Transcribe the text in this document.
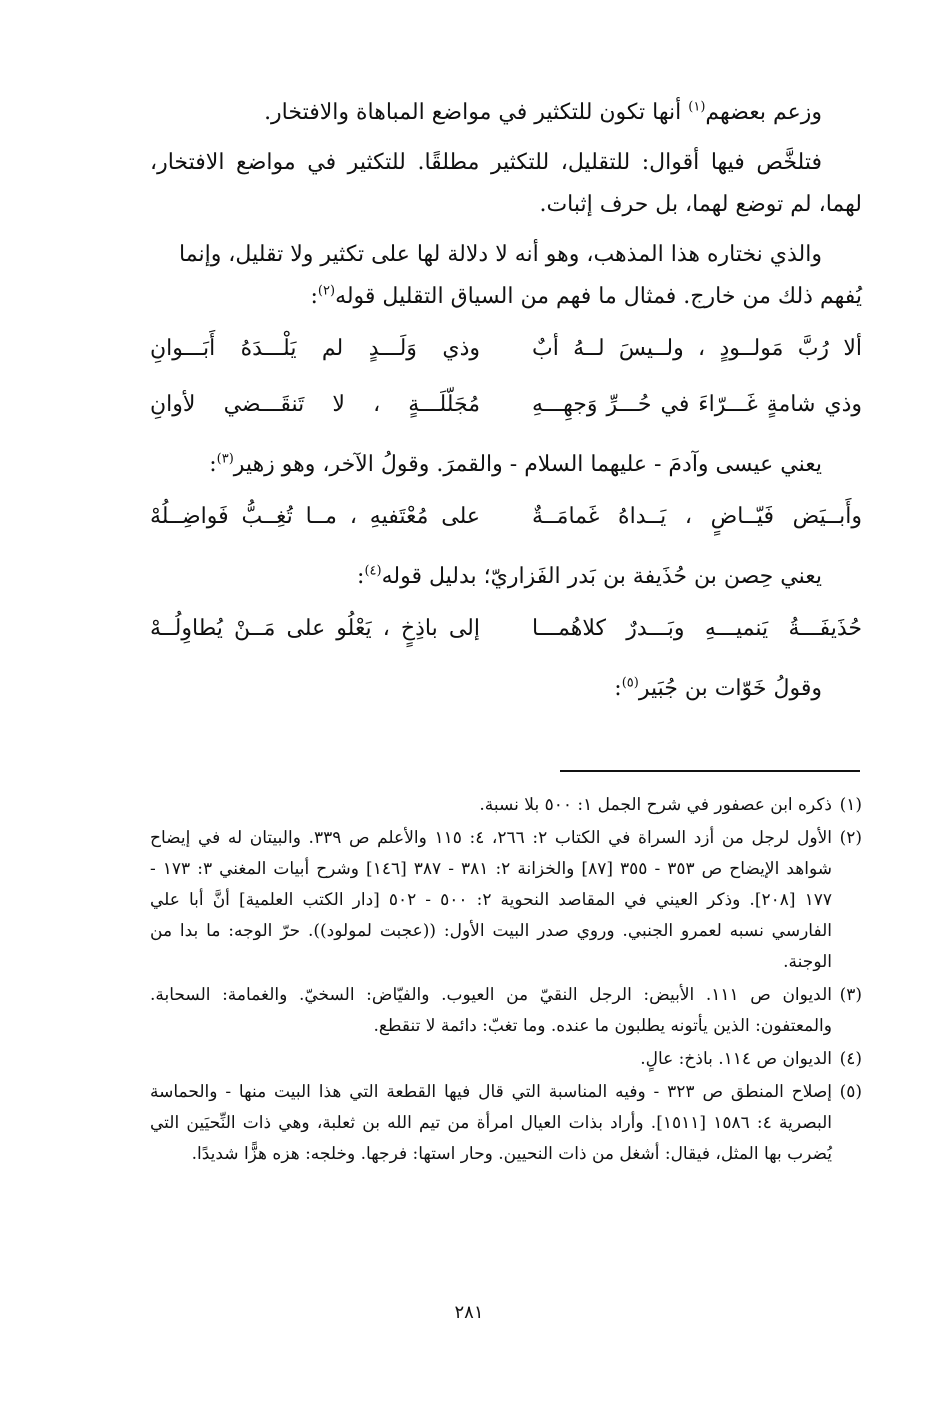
وزعم بعضهم$^{(١)}$ أنها تكون للتكثير في مواضع المباهاة والافتخار.

فتلخَّص فيها أقوال: للتقليل، للتكثير مطلقًا. للتكثير في مواضع الافتخار، لهما، لم توضع لهما، بل حرف إثبات.

والذي نختاره هذا المذهب، وهو أنه لا دلالة لها على تكثير ولا تقليل، وإنما

يُفهم ذلك من خارج. فمثال ما فهم من السياق التقليل قوله$^{(٢)}$:

ألا رُبَّ مَولــودٍ ، ولــيسَ لــهُ أبٌ
وذي وَلَـــدٍ لم يَلْـــدَهُ أَبَـــوانِ
وذي شامةٍ غَـــرّاءَ في حُـــرِّ وَجهِـــهِ
مُجَلّلَـــةٍ ، لا تَنقَـــضي لأوانِ

يعني عيسى وآدمَ - عليهما السلام - والقمرَ. وقولُ الآخر، وهو زهير$^{(٣)}$:

وأَبــيَض فَيّــاضٍ ، يَــداهُ غَمامَــةٌ
على مُعْتَفيهِ ، مــا تُغِــبُّ فَواضِــلُهْ

يعني حِصن بن حُذَيفة بن بَدر الفَزاريّ؛ بدليل قوله$^{(٤)}$:

حُذَيفَـــةُ يَنميـــهِ وبَـــدرٌ كلاهُمـــا
إلى باذِخٍ ، يَعْلُو على مَــنْ يُطاوِلُــهْ

وقولُ خَوّات بن جُبَير$^{(٥)}$:

(١)ذكره ابن عصفور في شرح الجمل ١: ٥٠٠ بلا نسبة.

(٢)الأول لرجل من أزد السراة في الكتاب ٢: ٢٦٦، ٤: ١١٥ والأعلم ص ٣٣٩. والبيتان له في إيضاح شواهد الإيضاح ص ٣٥٣ - ٣٥٥ [٨٧] والخزانة ٢: ٣٨١ - ٣٨٧ [١٤٦] وشرح أبيات المغني ٣: ١٧٣ - ١٧٧ [٢٠٨]. وذكر العيني في المقاصد النحوية ٢: ٥٠٠ - ٥٠٢ [دار الكتب العلمية] أنَّ أبا علي الفارسي نسبه لعمرو الجنبي. وروي صدر البيت الأول: ((عجبت لمولود)). حرّ الوجه: ما بدا من الوجنة.

(٣)الديوان ص ١١١. الأبيض: الرجل النقيّ من العيوب. والفيّاض: السخيّ. والغمامة: السحابة. والمعتفون: الذين يأتونه يطلبون ما عنده. وما تغبّ: دائمة لا تنقطع.

(٤)الديوان ص ١١٤. باذخ: عالٍ.

(٥)إصلاح المنطق ص ٣٢٣ - وفيه المناسبة التي قال فيها القطعة التي هذا البيت منها - والحماسة البصرية ٤: ١٥٨٦ [١٥١١]. وأراد بذات العيال امرأة من تيم الله بن ثعلبة، وهي ذات النِّحيَين التي يُضرب بها المثل، فيقال: أشغل من ذات النحيين. وحار استها: فرجها. وخلجه: هزه هزًّا شديدًا.

٢٨١
